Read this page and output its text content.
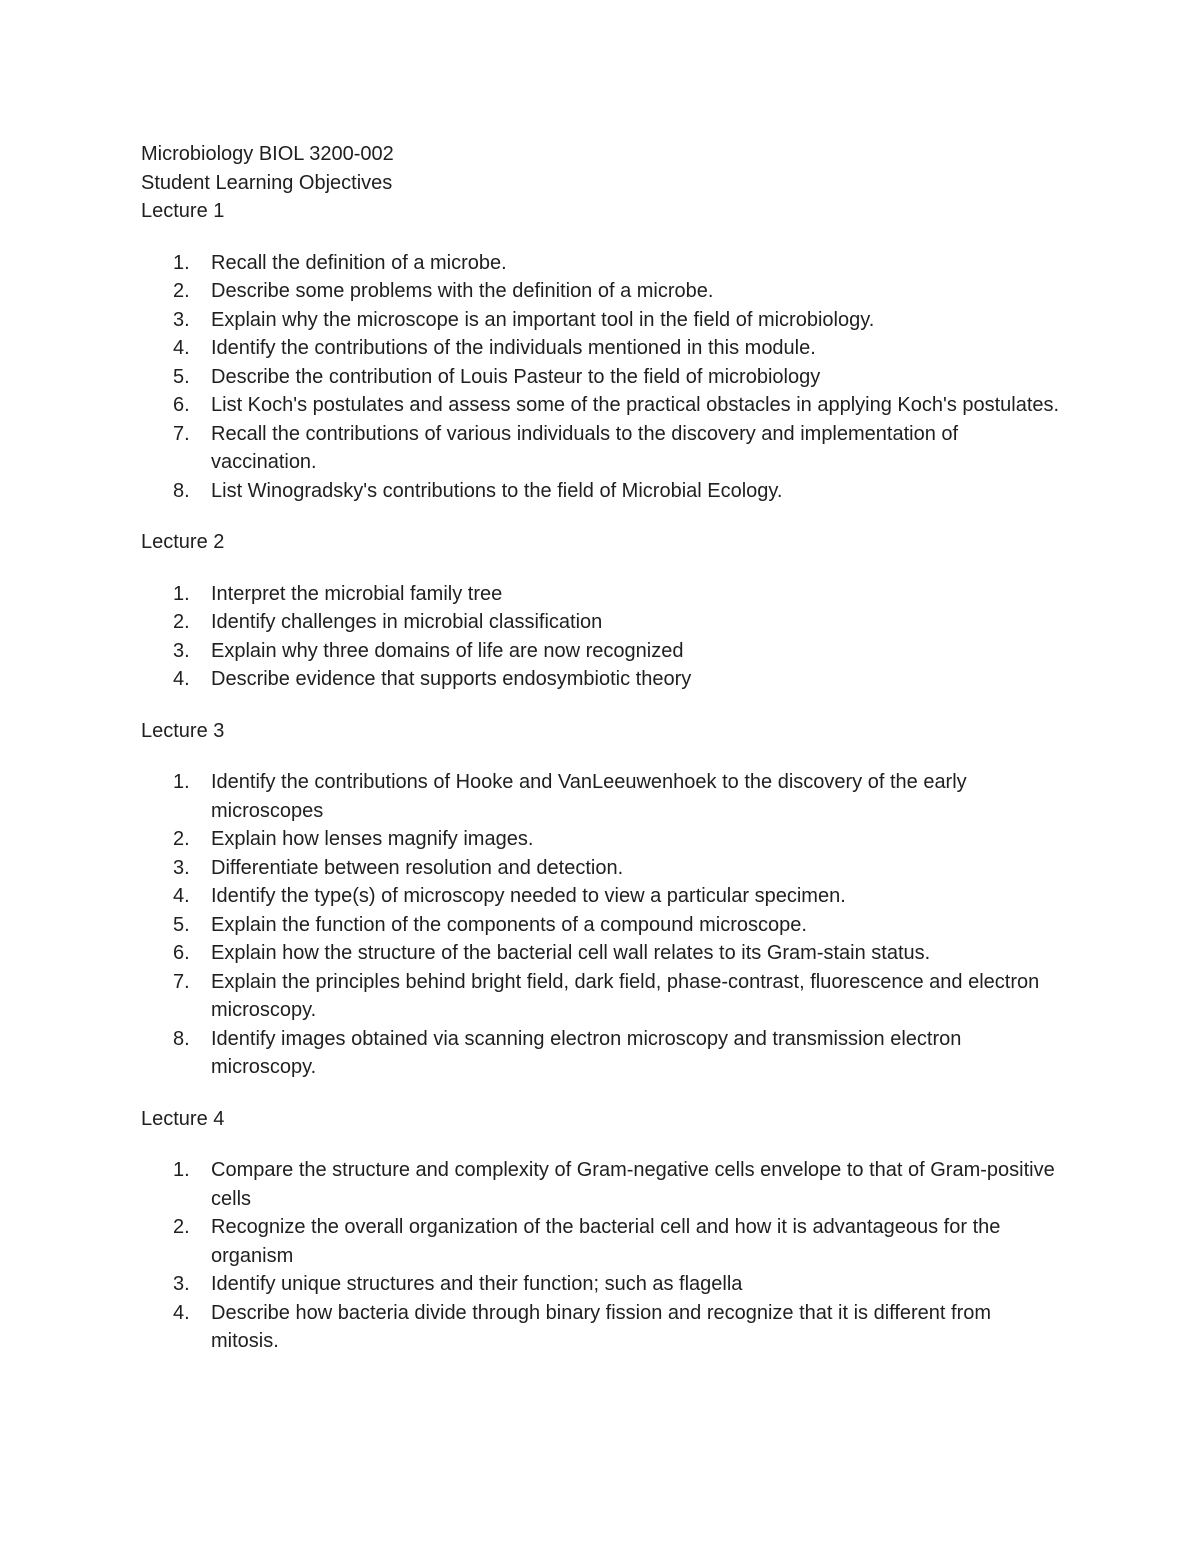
Microbiology BIOL 3200-002
Student Learning Objectives
Lecture 1
1.	Recall the definition of a microbe.
2.	Describe some problems with the definition of a microbe.
3.	Explain why the microscope is an important tool in the field of microbiology.
4.	Identify the contributions of the individuals mentioned in this module.
5.	Describe the contribution of Louis Pasteur to the field of microbiology
6.	List Koch's postulates and assess some of the practical obstacles in applying Koch's postulates.
7.	Recall the contributions of various individuals to the discovery and implementation of vaccination.
8.	List Winogradsky's contributions to the field of Microbial Ecology.
Lecture 2
1.	Interpret the microbial family tree
2.	Identify challenges in microbial classification
3.	Explain why three domains of life are now recognized
4.	Describe evidence that supports endosymbiotic theory
Lecture 3
1.	Identify the contributions of Hooke and VanLeeuwenhoek to the discovery of the early microscopes
2.	Explain how lenses magnify images.
3.	Differentiate between resolution and detection.
4.	Identify the type(s) of microscopy needed to view a particular specimen.
5.	Explain the function of the components of a compound microscope.
6.	Explain how the structure of the bacterial cell wall relates to its Gram-stain status.
7.	Explain the principles behind bright field, dark field, phase-contrast, fluorescence and electron microscopy.
8.	Identify images obtained via scanning electron microscopy and transmission electron microscopy.
Lecture 4
1.	Compare the structure and complexity of Gram-negative cells envelope to that of Gram-positive cells
2.	Recognize the overall organization of the bacterial cell and how it is advantageous for the organism
3.	Identify unique structures and their function; such as flagella
4.	Describe how bacteria divide through binary fission and recognize that it is different from mitosis.
